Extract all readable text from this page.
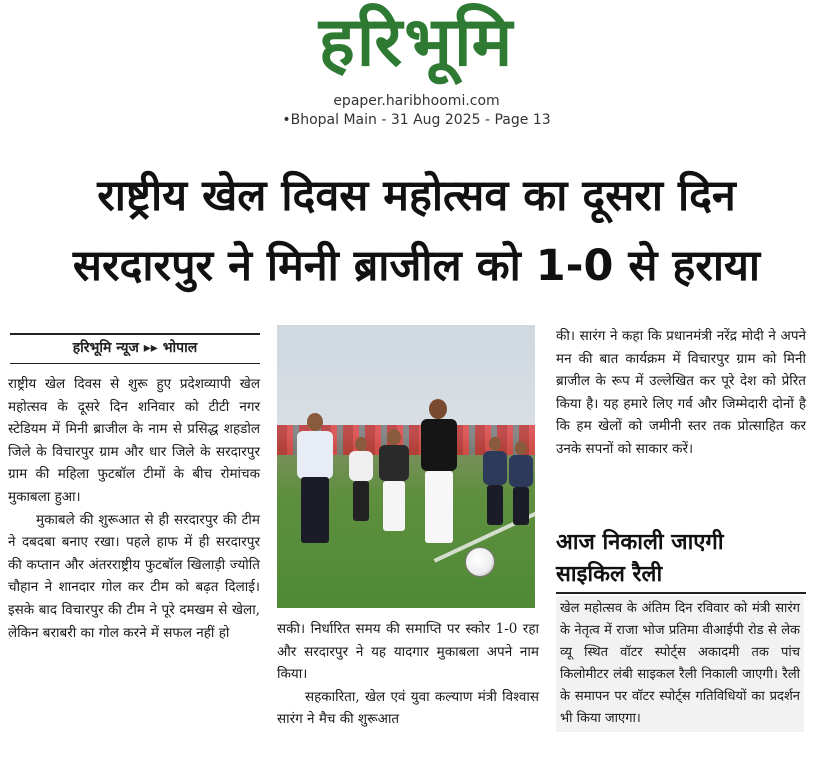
हरिभूमि
epaper.haribhoomi.com
•Bhopal Main - 31 Aug 2025 - Page 13
राष्ट्रीय खेल दिवस महोत्सव का दूसरा दिन
सरदारपुर ने मिनी ब्राजील को 1-0 से हराया
हरिभूमि न्यूज ▸▸ भोपाल

राष्ट्रीय खेल दिवस से शुरू हुए प्रदेशव्यापी खेल महोत्सव के दूसरे दिन शनिवार को टीटी नगर स्टेडियम में मिनी ब्राजील के नाम से प्रसिद्ध शहडोल जिले के विचारपुर ग्राम और धार जिले के सरदारपुर ग्राम की महिला फुटबॉल टीमों के बीच रोमांचक मुकाबला हुआ।

मुकाबले की शुरूआत से ही सरदारपुर की टीम ने दबदबा बनाए रखा। पहले हाफ में ही सरदारपुर की कप्तान और अंतरराष्ट्रीय फुटबॉल खिलाड़ी ज्योति चौहान ने शानदार गोल कर टीम को बढ़त दिलाई। इसके बाद विचारपुर की टीम ने पूरे दमखम से खेला, लेकिन बराबरी का गोल करने में सफल नहीं हो	सकी। निर्धारित समय की समाप्ति पर स्कोर 1-0 रहा और सरदारपुर ने यह यादगार मुकाबला अपने नाम किया।

सहकारिता, खेल एवं युवा कल्याण मंत्री विश्वास सारंग ने मैच की शुरूआत

की। सारंग ने कहा कि प्रधानमंत्री नरेंद्र मोदी ने अपने मन की बात कार्यक्रम में विचारपुर ग्राम को मिनी ब्राजील के रूप में उल्लेखित कर पूरे देश को प्रेरित किया है। यह हमारे लिए गर्व और जिम्मेदारी दोनों है कि हम खेलों को जमीनी स्तर तक प्रोत्साहित कर उनके सपनों को साकार करें।

आज निकाली जाएगी
साइकिल रैली
खेल महोत्सव के अंतिम दिन रविवार को मंत्री सारंग के नेतृत्व में राजा भोज प्रतिमा वीआईपी रोड से लेक व्यू स्थित वॉटर स्पोर्ट्स अकादमी तक पांच किलोमीटर लंबी साइकल रैली निकाली जाएगी। रैली के समापन पर वॉटर स्पोर्ट्स गतिविधियों का प्रदर्शन भी किया जाएगा।
